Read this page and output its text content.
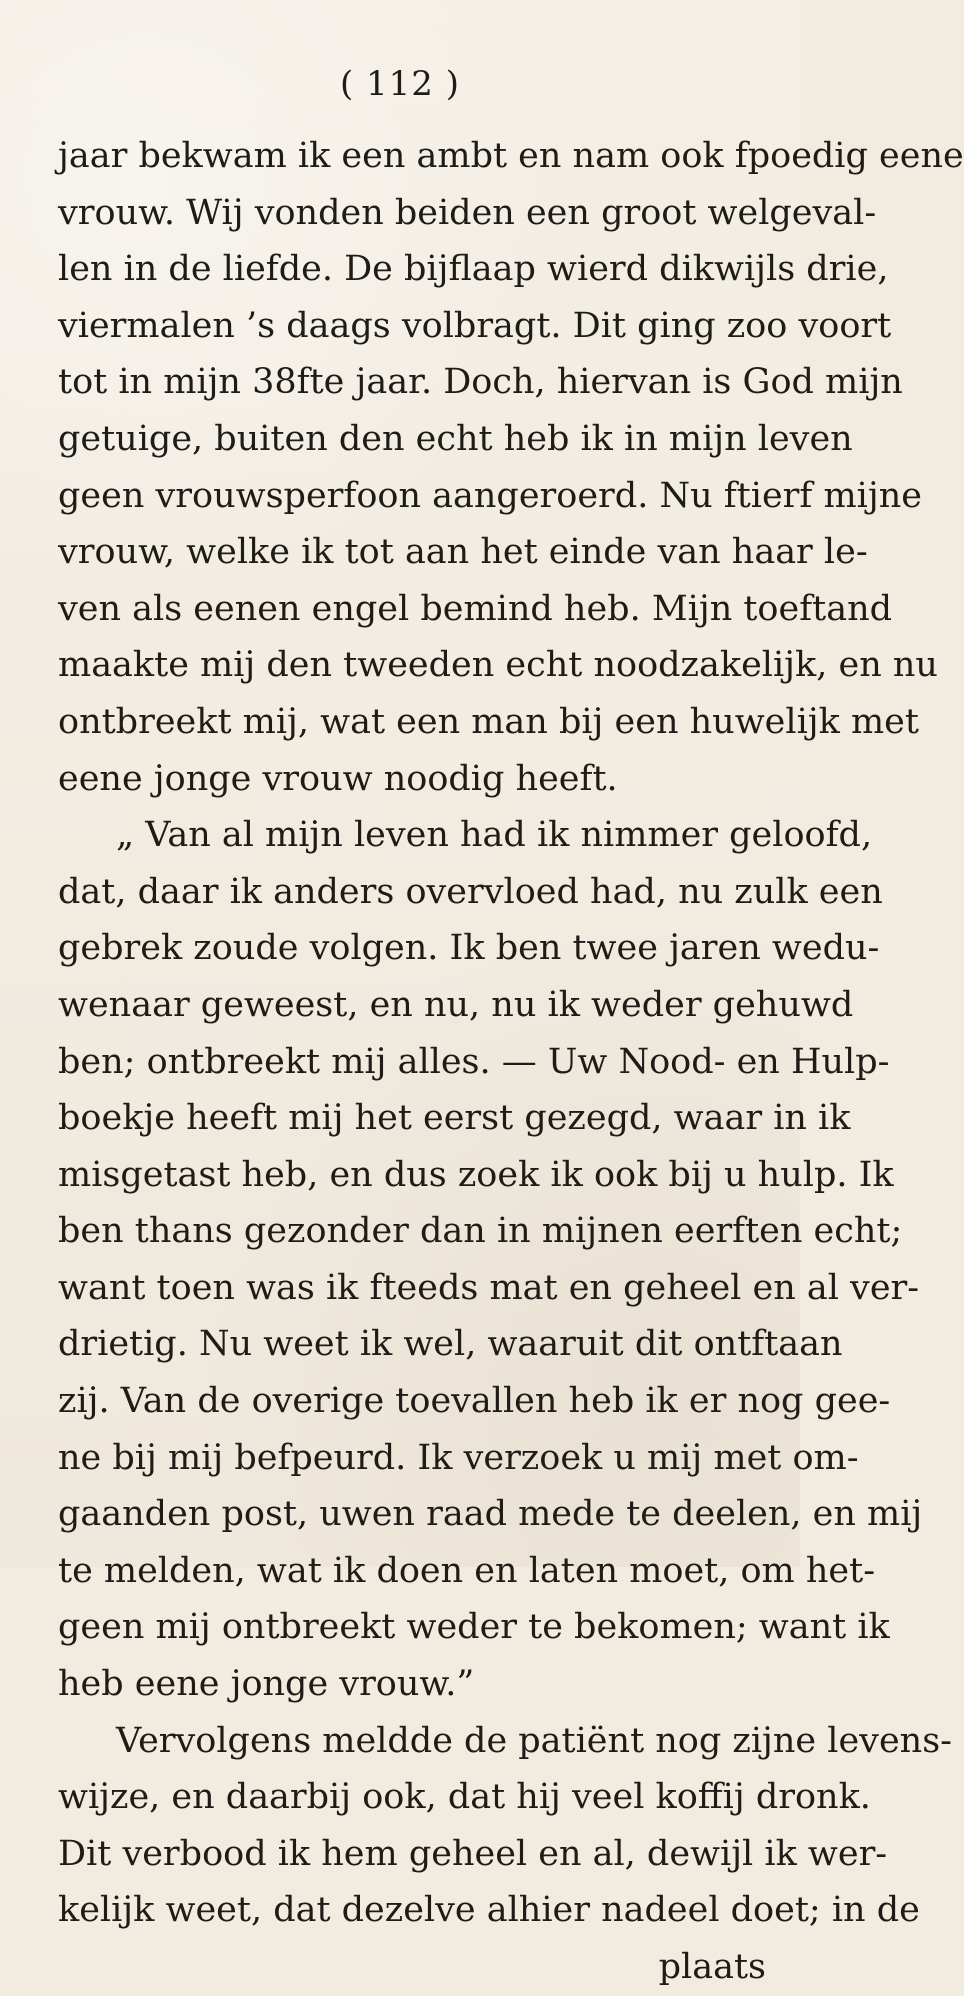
( 112 )
jaar bekwam ik een ambt en nam ook fpoedig eene
vrouw. Wij vonden beiden een groot welgeval-
len in de liefde. De bijflaap wierd dikwijls drie,
viermalen ’s daags volbragt. Dit ging zoo voort
tot in mijn 38fte jaar. Doch, hiervan is God mijn
getuige, buiten den echt heb ik in mijn leven
geen vrouwsperfoon aangeroerd. Nu ftierf mijne
vrouw, welke ik tot aan het einde van haar le-
ven als eenen engel bemind heb. Mijn toeftand
maakte mij den tweeden echt noodzakelijk, en nu
ontbreekt mij, wat een man bij een huwelijk met
eene jonge vrouw noodig heeft.
„ Van al mijn leven had ik nimmer geloofd,
dat, daar ik anders overvloed had, nu zulk een
gebrek zoude volgen. Ik ben twee jaren wedu-
wenaar geweest, en nu, nu ik weder gehuwd
ben; ontbreekt mij alles. — Uw Nood- en Hulp-
boekje heeft mij het eerst gezegd, waar in ik
misgetast heb, en dus zoek ik ook bij u hulp. Ik
ben thans gezonder dan in mijnen eerften echt;
want toen was ik fteeds mat en geheel en al ver-
drietig. Nu weet ik wel, waaruit dit ontftaan
zij. Van de overige toevallen heb ik er nog gee-
ne bij mij befpeurd. Ik verzoek u mij met om-
gaanden post, uwen raad mede te deelen, en mij
te melden, wat ik doen en laten moet, om het-
geen mij ontbreekt weder te bekomen; want ik
heb eene jonge vrouw.”
Vervolgens meldde de patiënt nog zijne levens-
wijze, en daarbij ook, dat hij veel koffij dronk.
Dit verbood ik hem geheel en al, dewijl ik wer-
kelijk weet, dat dezelve alhier nadeel doet; in de
plaats
